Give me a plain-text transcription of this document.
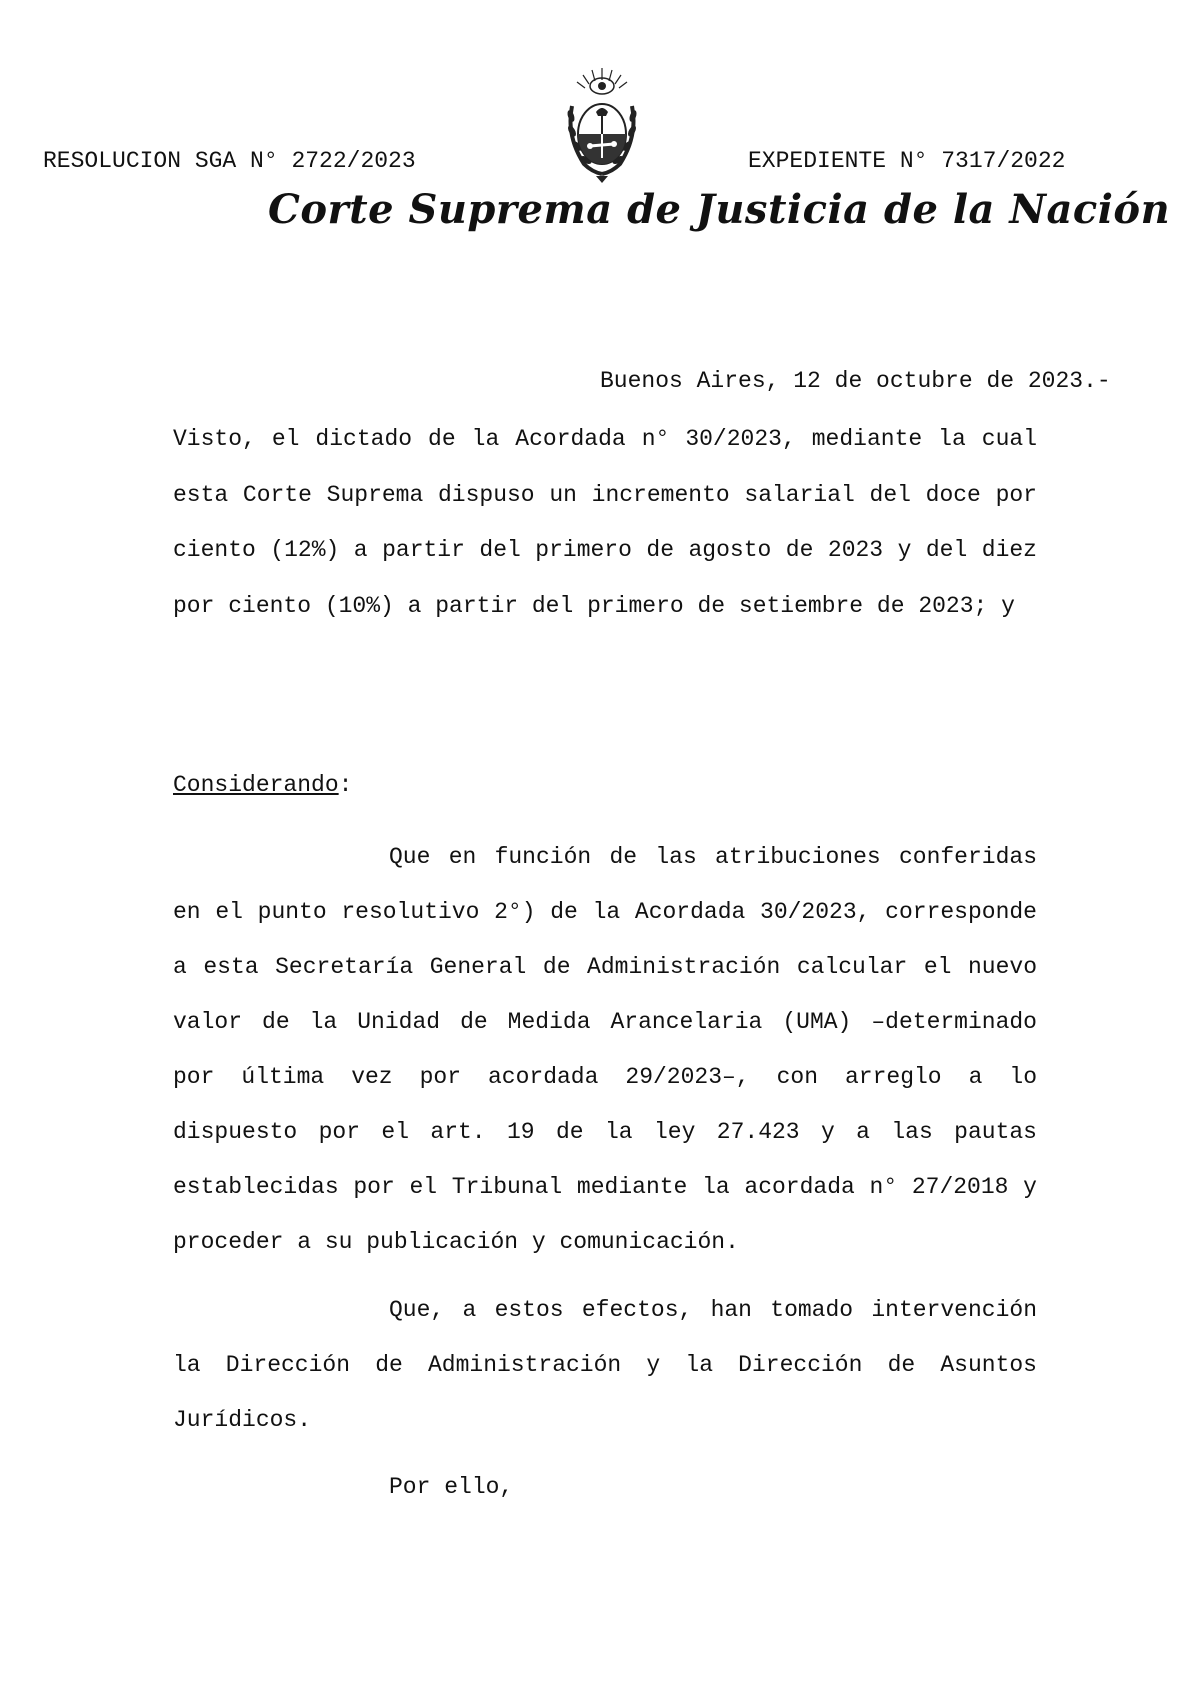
RESOLUCION SGA N° 2722/2023	EXPEDIENTE N° 7317/2022
Corte Suprema de Justicia de la Nación
Buenos Aires, 12 de octubre de 2023.-
Visto, el dictado de la Acordada n° 30/2023, mediante la cual esta Corte Suprema dispuso un incremento salarial del doce por ciento (12%) a partir del primero de agosto de 2023 y del diez por ciento (10%) a partir del primero de setiembre de 2023; y
Considerando:
Que en función de las atribuciones conferidas en el punto resolutivo 2°) de la Acordada 30/2023, corresponde a esta Secretaría General de Administración calcular el nuevo valor de la Unidad de Medida Arancelaria (UMA) –determinado por última vez por acordada 29/2023–, con arreglo a lo dispuesto por el art. 19 de la ley 27.423 y a las pautas establecidas por el Tribunal mediante la acordada n° 27/2018 y proceder a su publicación y comunicación.
Que, a estos efectos, han tomado intervención la Dirección de Administración y la Dirección de Asuntos Jurídicos.
Por ello,
